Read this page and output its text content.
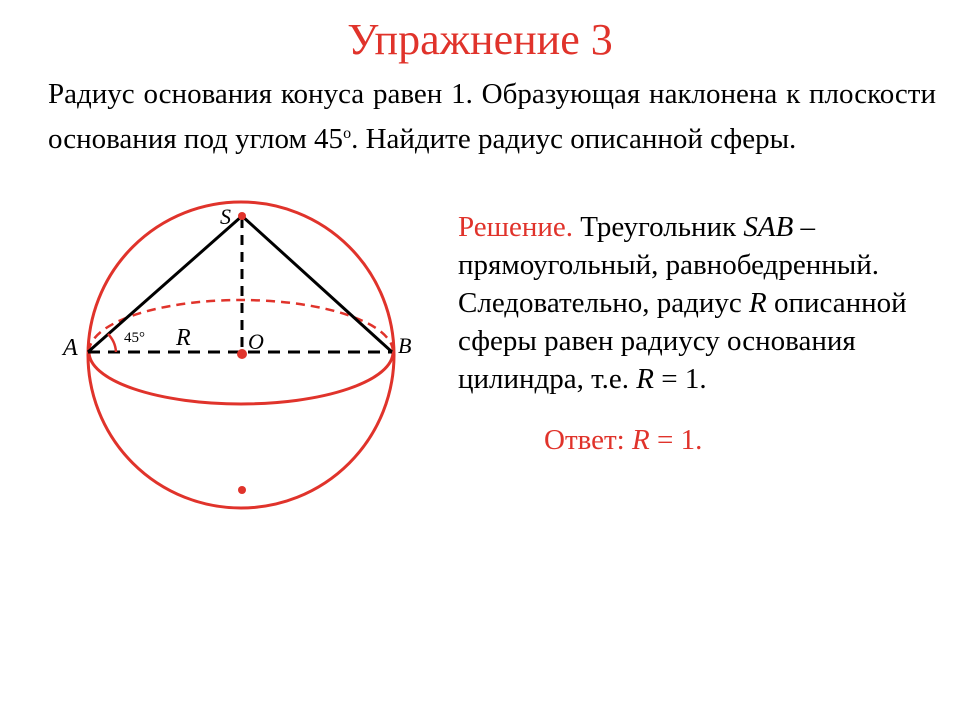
Упражнение 3
Радиус основания конуса равен 1. Образующая наклонена к плоскости основания под углом 45$^o$. Найдите радиус описанной сферы.
S
A	B
O
R
45°
Решение. Треугольник SAB – прямоугольный, равнобедренный. Следовательно, радиус R описанной сферы равен радиусу основания цилиндра, т.е. R = 1.
Ответ: R = 1.
